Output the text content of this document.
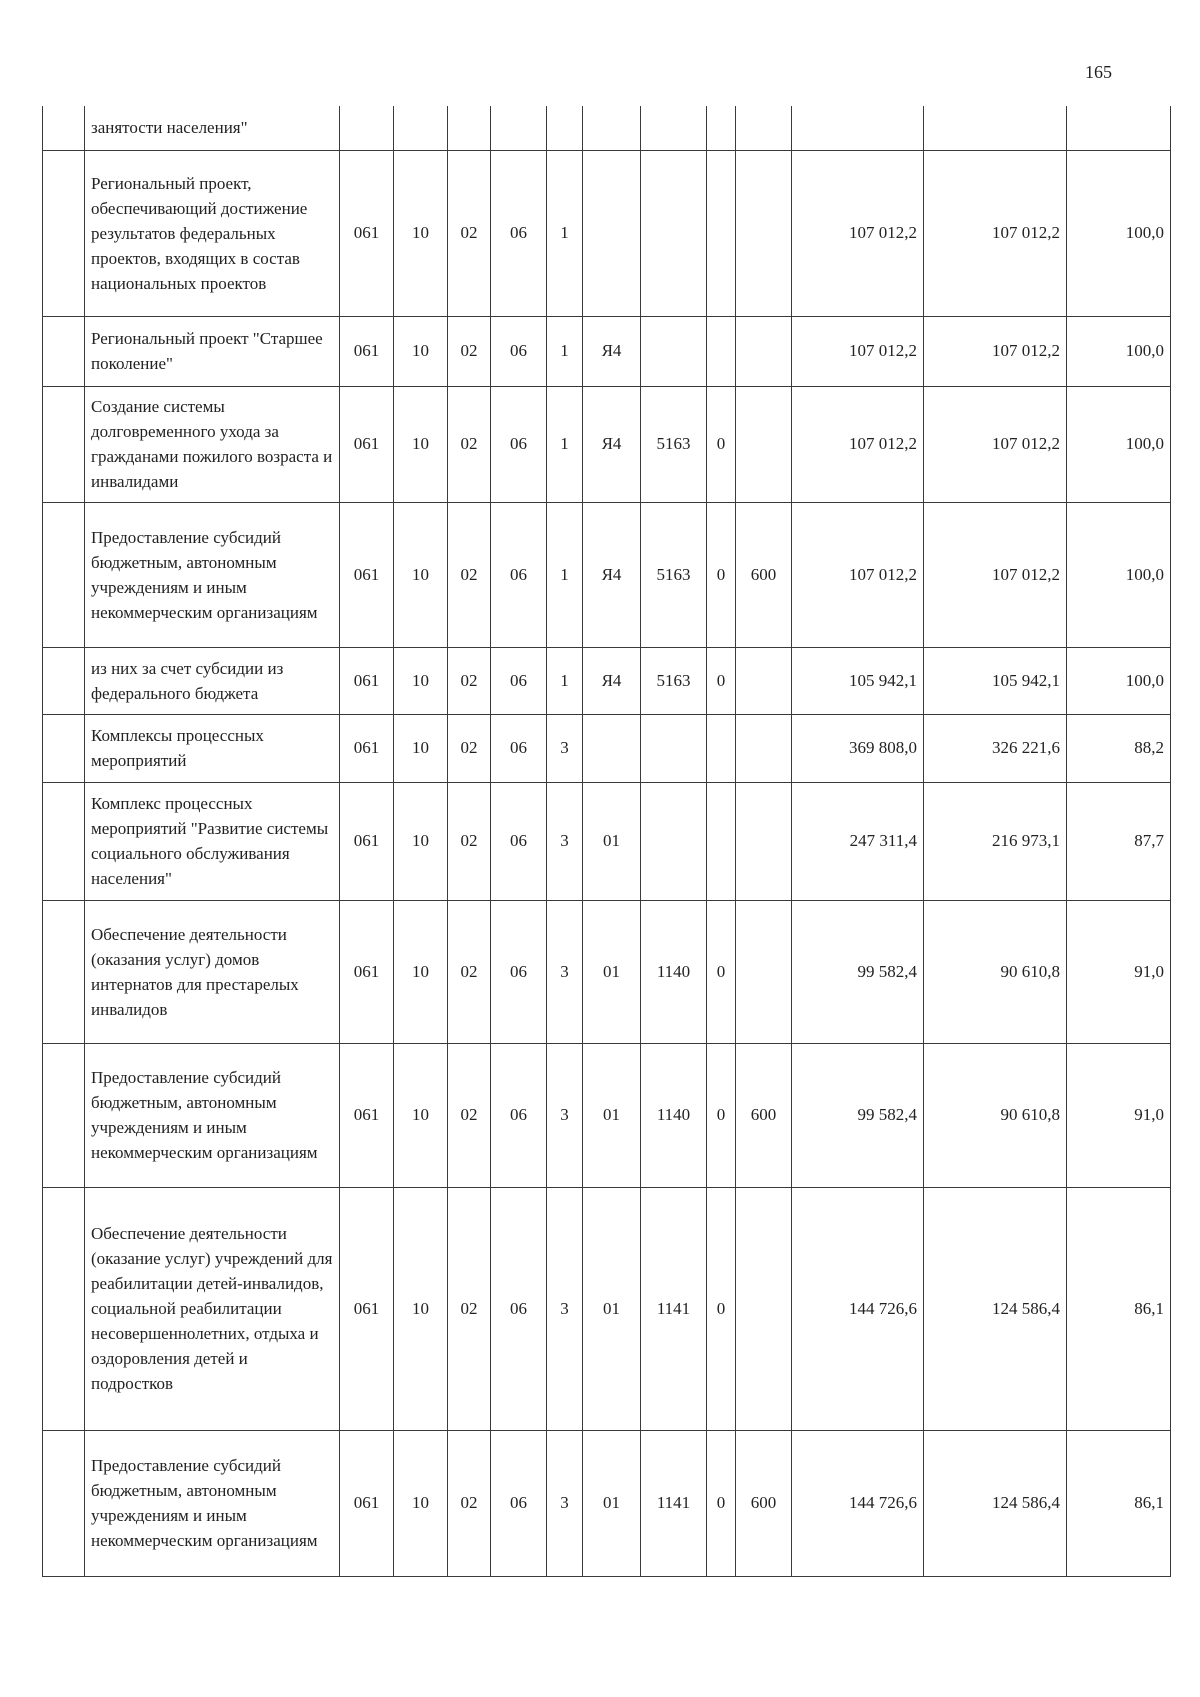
165
	занятости населения"												
	Региональный проект, обеспечивающий достижение результатов федеральных проектов, входящих в состав национальных проектов	061	10	02	06	1					107 012,2	107 012,2	100,0
	Региональный проект "Старшее поколение"	061	10	02	06	1	Я4				107 012,2	107 012,2	100,0
	Создание системы долговременного ухода за гражданами пожилого возраста и инвалидами	061	10	02	06	1	Я4	5163	0		107 012,2	107 012,2	100,0
	Предоставление субсидий бюджетным, автономным учреждениям и иным некоммерческим организациям	061	10	02	06	1	Я4	5163	0	600	107 012,2	107 012,2	100,0
	из них за счет субсидии из федерального бюджета	061	10	02	06	1	Я4	5163	0		105 942,1	105 942,1	100,0
	Комплексы процессных мероприятий	061	10	02	06	3					369 808,0	326 221,6	88,2
	Комплекс процессных мероприятий "Развитие системы социального обслуживания населения"	061	10	02	06	3	01				247 311,4	216 973,1	87,7
	Обеспечение деятельности (оказания услуг) домов интернатов для престарелых инвалидов	061	10	02	06	3	01	1140	0		99 582,4	90 610,8	91,0
	Предоставление субсидий бюджетным, автономным учреждениям и иным некоммерческим организациям	061	10	02	06	3	01	1140	0	600	99 582,4	90 610,8	91,0
	Обеспечение деятельности (оказание услуг) учреждений для реабилитации детей-инвалидов, социальной реабилитации несовершеннолетних, отдыха и оздоровления детей и подростков	061	10	02	06	3	01	1141	0		144 726,6	124 586,4	86,1
	Предоставление субсидий бюджетным, автономным учреждениям и иным некоммерческим организациям	061	10	02	06	3	01	1141	0	600	144 726,6	124 586,4	86,1
